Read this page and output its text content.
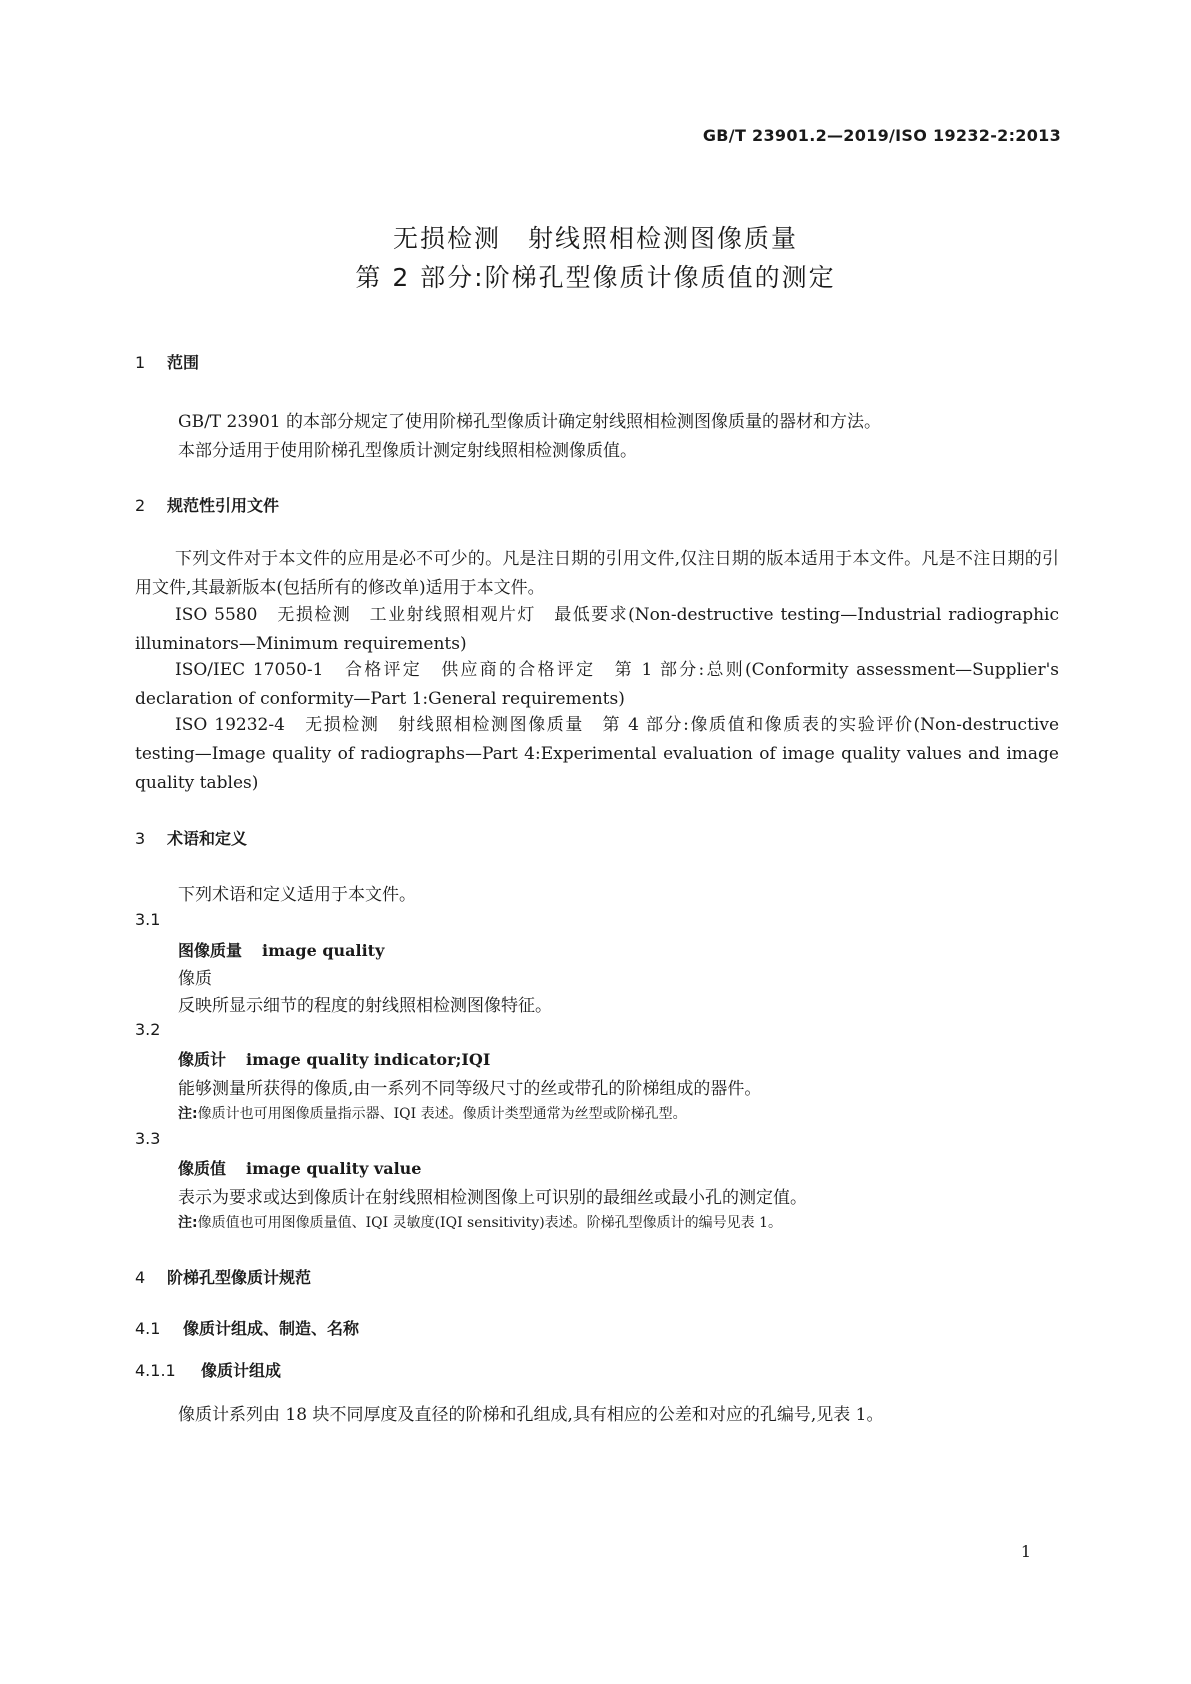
GB/T 23901.2—2019/ISO 19232-2:2013
无损检测　射线照相检测图像质量
第 2 部分:阶梯孔型像质计像质值的测定
1 范围
GB/T 23901 的本部分规定了使用阶梯孔型像质计确定射线照相检测图像质量的器材和方法。
本部分适用于使用阶梯孔型像质计测定射线照相检测像质值。
2 规范性引用文件
下列文件对于本文件的应用是必不可少的。凡是注日期的引用文件,仅注日期的版本适用于本文件。凡是不注日期的引用文件,其最新版本(包括所有的修改单)适用于本文件。
ISO 5580　无损检测　工业射线照相观片灯　最低要求(Non-destructive testing—Industrial radiographic illuminators—Minimum requirements)
ISO/IEC 17050-1　合格评定　供应商的合格评定　第 1 部分:总则(Conformity assessment—Supplier's declaration of conformity—Part 1:General requirements)
ISO 19232-4　无损检测　射线照相检测图像质量　第 4 部分:像质值和像质表的实验评价(Non-destructive testing—Image quality of radiographs—Part 4:Experimental evaluation of image quality values and image quality tables)
3 术语和定义
下列术语和定义适用于本文件。
3.1
图像质量 image quality
像质
反映所显示细节的程度的射线照相检测图像特征。
3.2
像质计 image quality indicator;IQI
能够测量所获得的像质,由一系列不同等级尺寸的丝或带孔的阶梯组成的器件。
注:像质计也可用图像质量指示器、IQI 表述。像质计类型通常为丝型或阶梯孔型。
3.3
像质值 image quality value
表示为要求或达到像质计在射线照相检测图像上可识别的最细丝或最小孔的测定值。
注:像质值也可用图像质量值、IQI 灵敏度(IQI sensitivity)表述。阶梯孔型像质计的编号见表 1。
4 阶梯孔型像质计规范
4.1 像质计组成、制造、名称
4.1.1 像质计组成
像质计系列由 18 块不同厚度及直径的阶梯和孔组成,具有相应的公差和对应的孔编号,见表 1。
1
